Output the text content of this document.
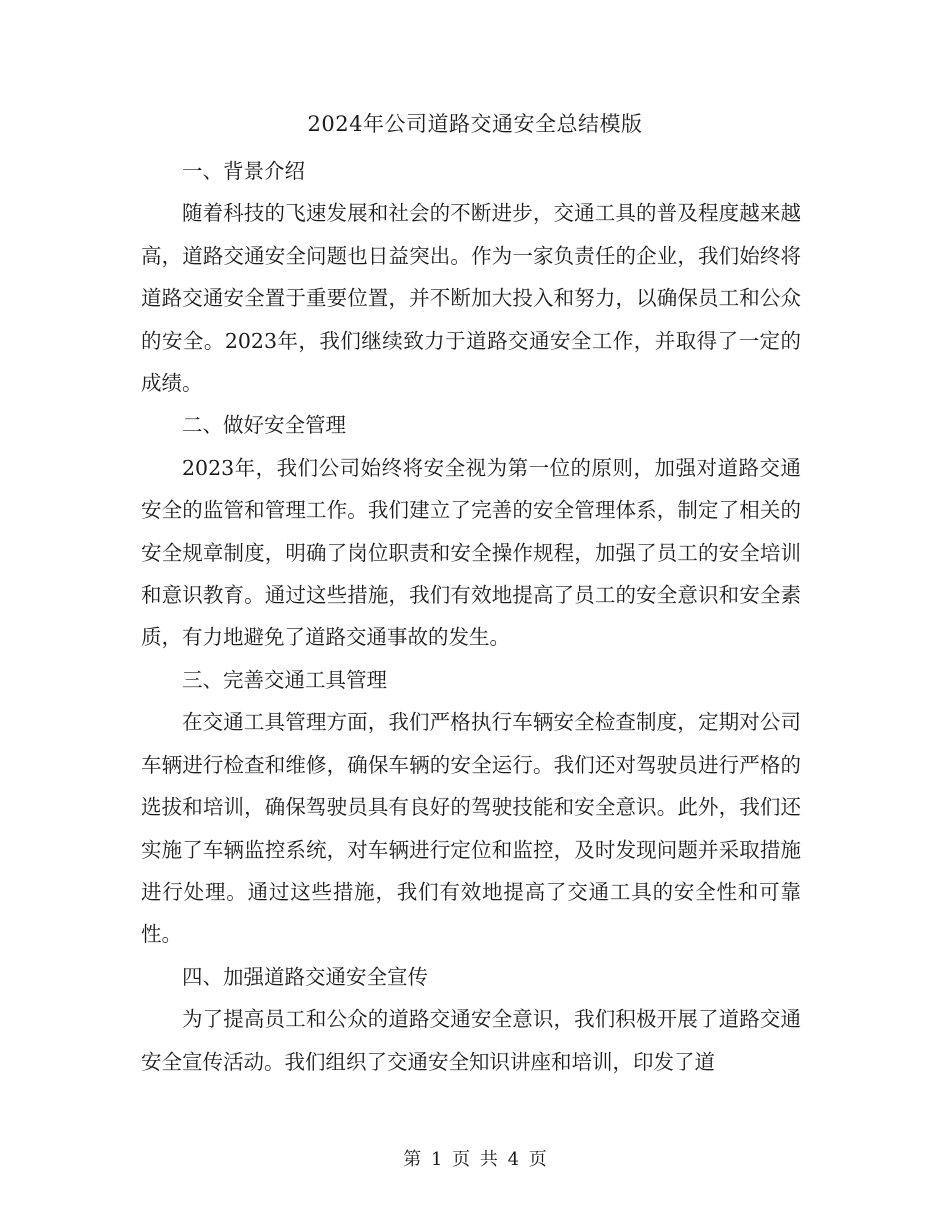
2024年公司道路交通安全总结模版

一、背景介绍

随着科技的飞速发展和社会的不断进步，交通工具的普及程度越来越高，道路交通安全问题也日益突出。作为一家负责任的企业，我们始终将道路交通安全置于重要位置，并不断加大投入和努力，以确保员工和公众的安全。2023年，我们继续致力于道路交通安全工作，并取得了一定的成绩。

二、做好安全管理

2023年，我们公司始终将安全视为第一位的原则，加强对道路交通安全的监管和管理工作。我们建立了完善的安全管理体系，制定了相关的安全规章制度，明确了岗位职责和安全操作规程，加强了员工的安全培训和意识教育。通过这些措施，我们有效地提高了员工的安全意识和安全素质，有力地避免了道路交通事故的发生。

三、完善交通工具管理

在交通工具管理方面，我们严格执行车辆安全检查制度，定期对公司车辆进行检查和维修，确保车辆的安全运行。我们还对驾驶员进行严格的选拔和培训，确保驾驶员具有良好的驾驶技能和安全意识。此外，我们还实施了车辆监控系统，对车辆进行定位和监控，及时发现问题并采取措施进行处理。通过这些措施，我们有效地提高了交通工具的安全性和可靠性。

四、加强道路交通安全宣传

为了提高员工和公众的道路交通安全意识，我们积极开展了道路交通安全宣传活动。我们组织了交通安全知识讲座和培训，印发了道

第 1 页 共 4 页
